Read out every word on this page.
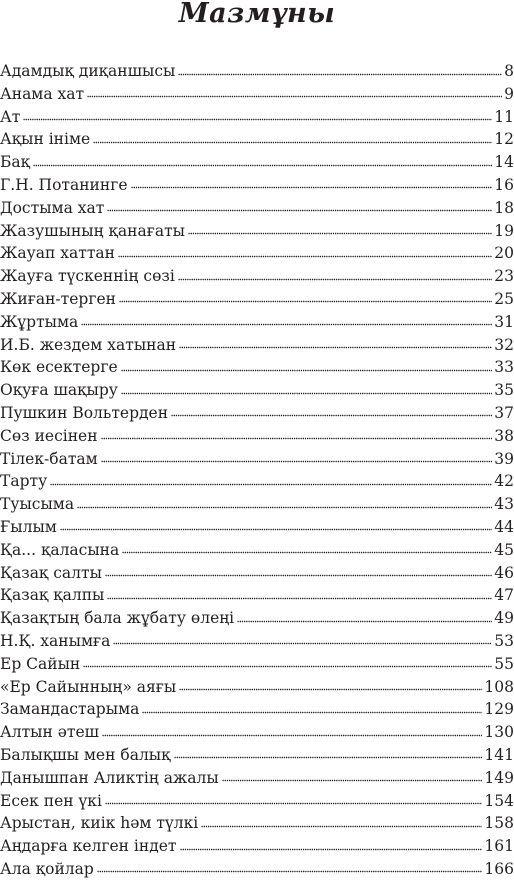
Мазмұны
Адамдық диқаншысы	8
Анама хат	9
Ат	11
Ақын ініме	12
Бақ	14
Г.Н. Потанинге	16
Достыма хат	18
Жазушының қанағаты	19
Жауап хаттан	20
Жауға түскеннің сөзі	23
Жиған-терген	25
Жұртыма	31
И.Б. жездем хатынан	32
Көк есектерге	33
Оқуға шақыру	35
Пушкин Вольтерден	37
Сөз иесінен	38
Тілек-батам	39
Тарту	42
Туысыма	43
Ғылым	44
Қа... қаласына	45
Қазақ салты	46
Қазақ қалпы	47
Қазақтың бала жұбату өлеңі	49
Н.Қ. ханымға	53
Ер Сайын	55
«Ер Сайынның» аяғы	108
Замандастарыма	129
Алтын әтеш	130
Балықшы мен балық	141
Данышпан Аликтің ажалы	149
Есек пен үкі	154
Арыстан, киік һәм түлкі	158
Аңдарға келген індет	161
Ала қойлар	166
